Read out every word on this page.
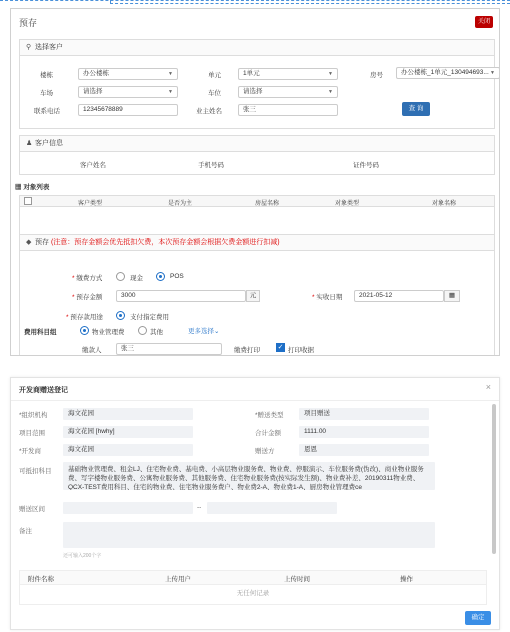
预存	关闭
⚲ 选择客户
楼栋	办公楼栋	▼	单元	1单元	▼	房号	办公楼栋_1单元_130494693... ▼
车场	请选择	▼	车位	请选择	▼
联系电话	12345678889	业主姓名	张三	查 询
♟ 客户信息
客户姓名	手机号码	证件号码
▦ 对象列表
客户类型	是否为主	房屋名称	对象类型	对象名称
◆ 预存 (注意：预存金额会优先抵扣欠费，本次预存金额会根据欠费金额进行扣减)
* 缴费方式	现金	POS
* 预存金额	3000	元	* 实收日期	2021-05-12	▦
* 预存款用途	支付指定费用
费用科目组	物业管理费	其他	更多选择⌄
缴款人	张三	缴费打印	✓ 打印收据
开发商赠送登记	×
*组织机构	海文花园	*赠送类型	项目赠送
项目范围	海文花园 [hwhy]	合计金额	1111.00
*开发商	海文花园	赠送方	恩恩
可抵扣科目	基础物业管理费、租金LJ、住宅物业费、基电费、小高层物业服务费、物业费、停服演示、车位服务费(伪改)、商业物业服务费、写字楼物业服务费、公寓物业服务费、其他服务费、住宅物业服务费(按实际发生额)、物业费补差、20190311物业费、QCX-TEST费用科目、住宅的物业费、住宅物业服务费户、物业费2-A、物业费1-A、厨房物业管理费ce
赠送区间	--
备注
还可输入200个字
附件名称	上传用户	上传时间	操作
无任何记录
确定
